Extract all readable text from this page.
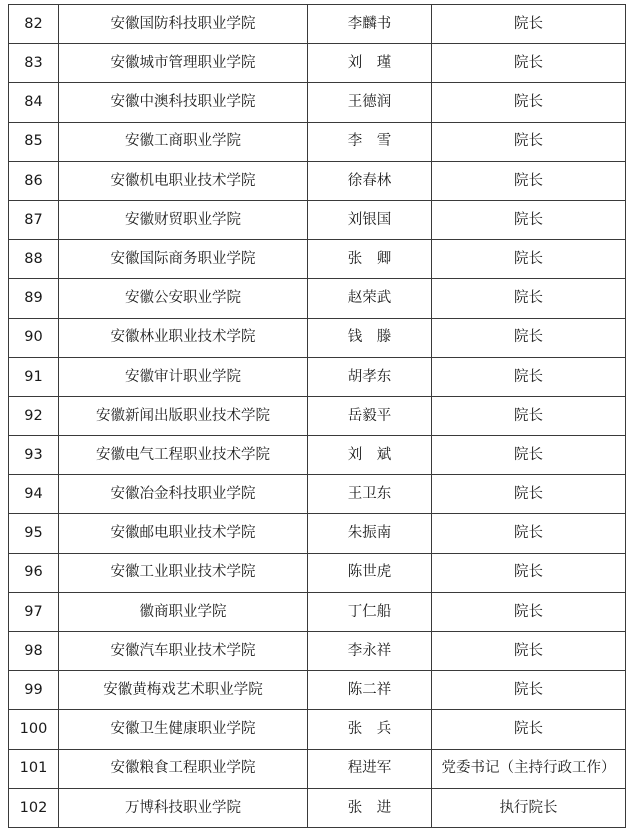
82	安徽国防科技职业学院	李麟书	院长
83	安徽城市管理职业学院	刘　瑾	院长
84	安徽中澳科技职业学院	王德润	院长
85	安徽工商职业学院	李　雪	院长
86	安徽机电职业技术学院	徐春林	院长
87	安徽财贸职业学院	刘银国	院长
88	安徽国际商务职业学院	张　卿	院长
89	安徽公安职业学院	赵荣武	院长
90	安徽林业职业技术学院	钱　滕	院长
91	安徽审计职业学院	胡孝东	院长
92	安徽新闻出版职业技术学院	岳毅平	院长
93	安徽电气工程职业技术学院	刘　斌	院长
94	安徽冶金科技职业学院	王卫东	院长
95	安徽邮电职业技术学院	朱振南	院长
96	安徽工业职业技术学院	陈世虎	院长
97	徽商职业学院	丁仁船	院长
98	安徽汽车职业技术学院	李永祥	院长
99	安徽黄梅戏艺术职业学院	陈二祥	院长
100	安徽卫生健康职业学院	张　兵	院长
101	安徽粮食工程职业学院	程进军	党委书记（主持行政工作）
102	万博科技职业学院	张　进	执行院长
